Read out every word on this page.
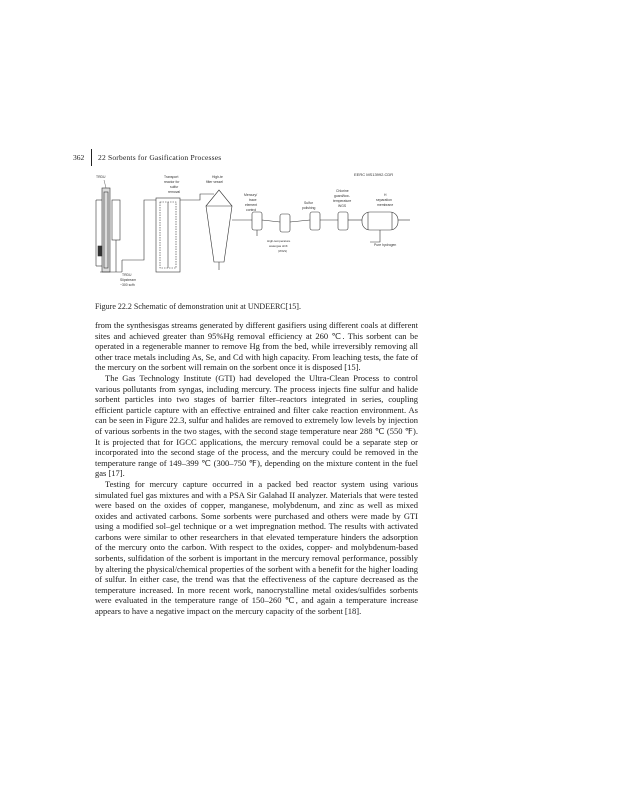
362 22 Sorbents for Gasification Processes
EERC MS13992.CDR
TRDU
TRDU
Slipstream
~300 scfh
Transport
reactor for
sulfur
removal
High-te
filter vessel
Mercury/
trace
element
control
Sulfur
polishing
Chlorine
guard/low-
temperature
WGS
H
separation
membrane
Pure hydrogen
High-temperature
watergas shift
(WGS)
Figure 22.2 Schematic of demonstration unit at UNDEERC[15].

from the synthesisgas streams generated by different gasifiers using different coals at different sites and achieved greater than 95%Hg removal efficiency at 260 ℃. This sorbent can be operated in a regenerable manner to remove Hg from the bed, while irreversibly removing all other trace metals including As, Se, and Cd with high capacity. From leaching tests, the fate of the mercury on the sorbent will remain on the sorbent once it is disposed [15].

The Gas Technology Institute (GTI) had developed the Ultra-Clean Process to control various pollutants from syngas, including mercury. The process injects fine sulfur and halide sorbent particles into two stages of barrier filter–reactors integrated in series, coupling efficient particle capture with an effective entrained and filter cake reaction environment. As can be seen in Figure 22.3, sulfur and halides are removed to extremely low levels by injection of various sorbents in the two stages, with the second stage temperature near 288 ℃ (550 ℉). It is projected that for IGCC applications, the mercury removal could be a separate step or incorporated into the second stage of the process, and the mercury could be removed in the temperature range of 149–399 ℃ (300–750 ℉), depending on the mixture content in the fuel gas [17].

Testing for mercury capture occurred in a packed bed reactor system using various simulated fuel gas mixtures and with a PSA Sir Galahad II analyzer. Materials that were tested were based on the oxides of copper, manganese, molybdenum, and zinc as well as mixed oxides and activated carbons. Some sorbents were purchased and others were made by GTI using a modified sol–gel technique or a wet impregnation method. The results with activated carbons were similar to other researchers in that elevated temperature hinders the adsorption of the mercury onto the carbon. With respect to the oxides, copper- and molybdenum-based sorbents, sulfidation of the sorbent is important in the mercury removal performance, possibly by altering the physical/chemical properties of the sorbent with a benefit for the higher loading of sulfur. In either case, the trend was that the effectiveness of the capture decreased as the temperature increased. In more recent work, nanocrystalline metal oxides/sulfides sorbents were evaluated in the temperature range of 150–260 ℃, and again a temperature increase appears to have a negative impact on the mercury capacity of the sorbent [18].
